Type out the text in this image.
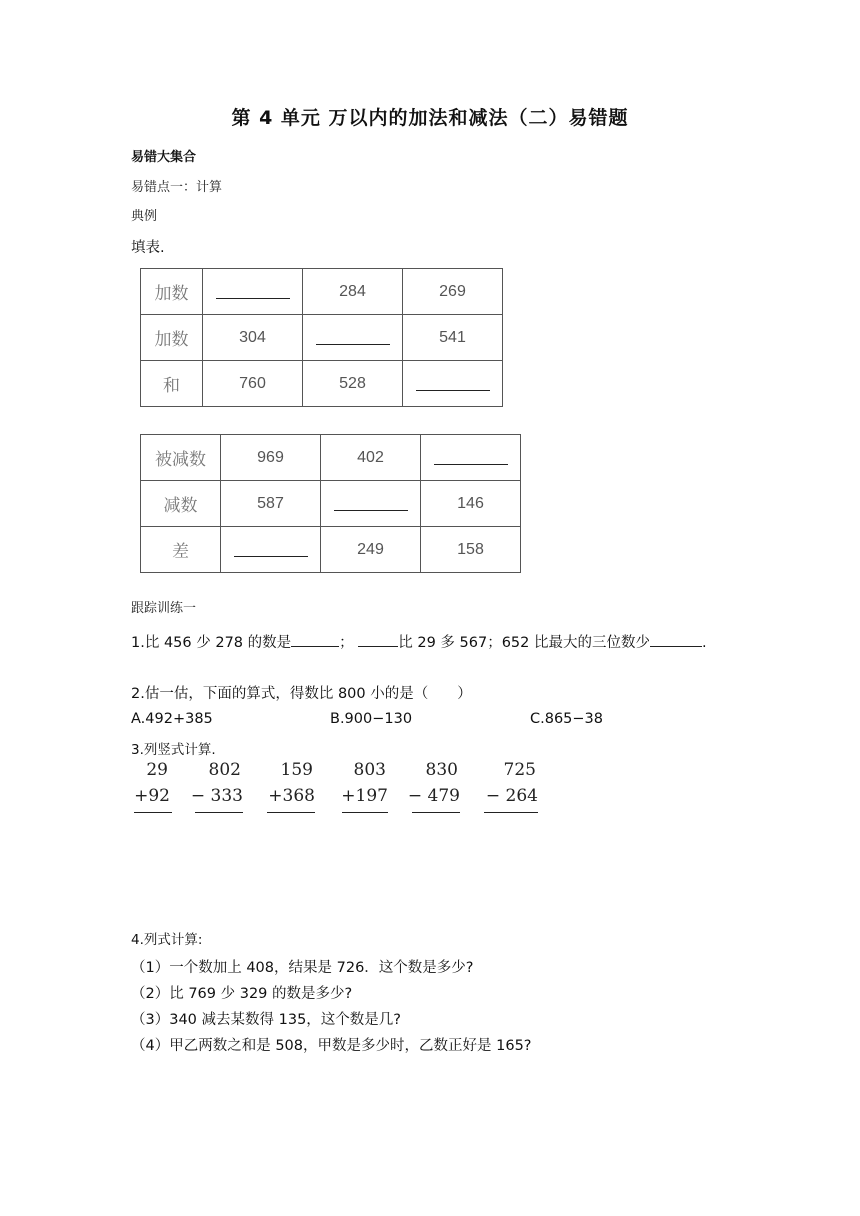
第 4 单元 万以内的加法和减法（二）易错题
易错大集合
易错点一：计算
典例
填表.
加数		284	269
加数	304		541
和	760	528	
被减数	969	402	
减数	587		146
差		249	158
跟踪训练一
1.比 456 少 278 的数是	；	比 29 多 567；652 比最大的三位数少	.
2.估一估，下面的算式，得数比 800 小的是（　　）
A.492+385	B.900−130	C.865−38
3.列竖式计算.
29
+92
802
− 333
159
+368
803
+197
830
− 479
725
− 264
4.列式计算:
（1）一个数加上 408，结果是 726．这个数是多少?
（2）比 769 少 329 的数是多少?
（3）340 减去某数得 135，这个数是几?
（4）甲乙两数之和是 508，甲数是多少时，乙数正好是 165?
